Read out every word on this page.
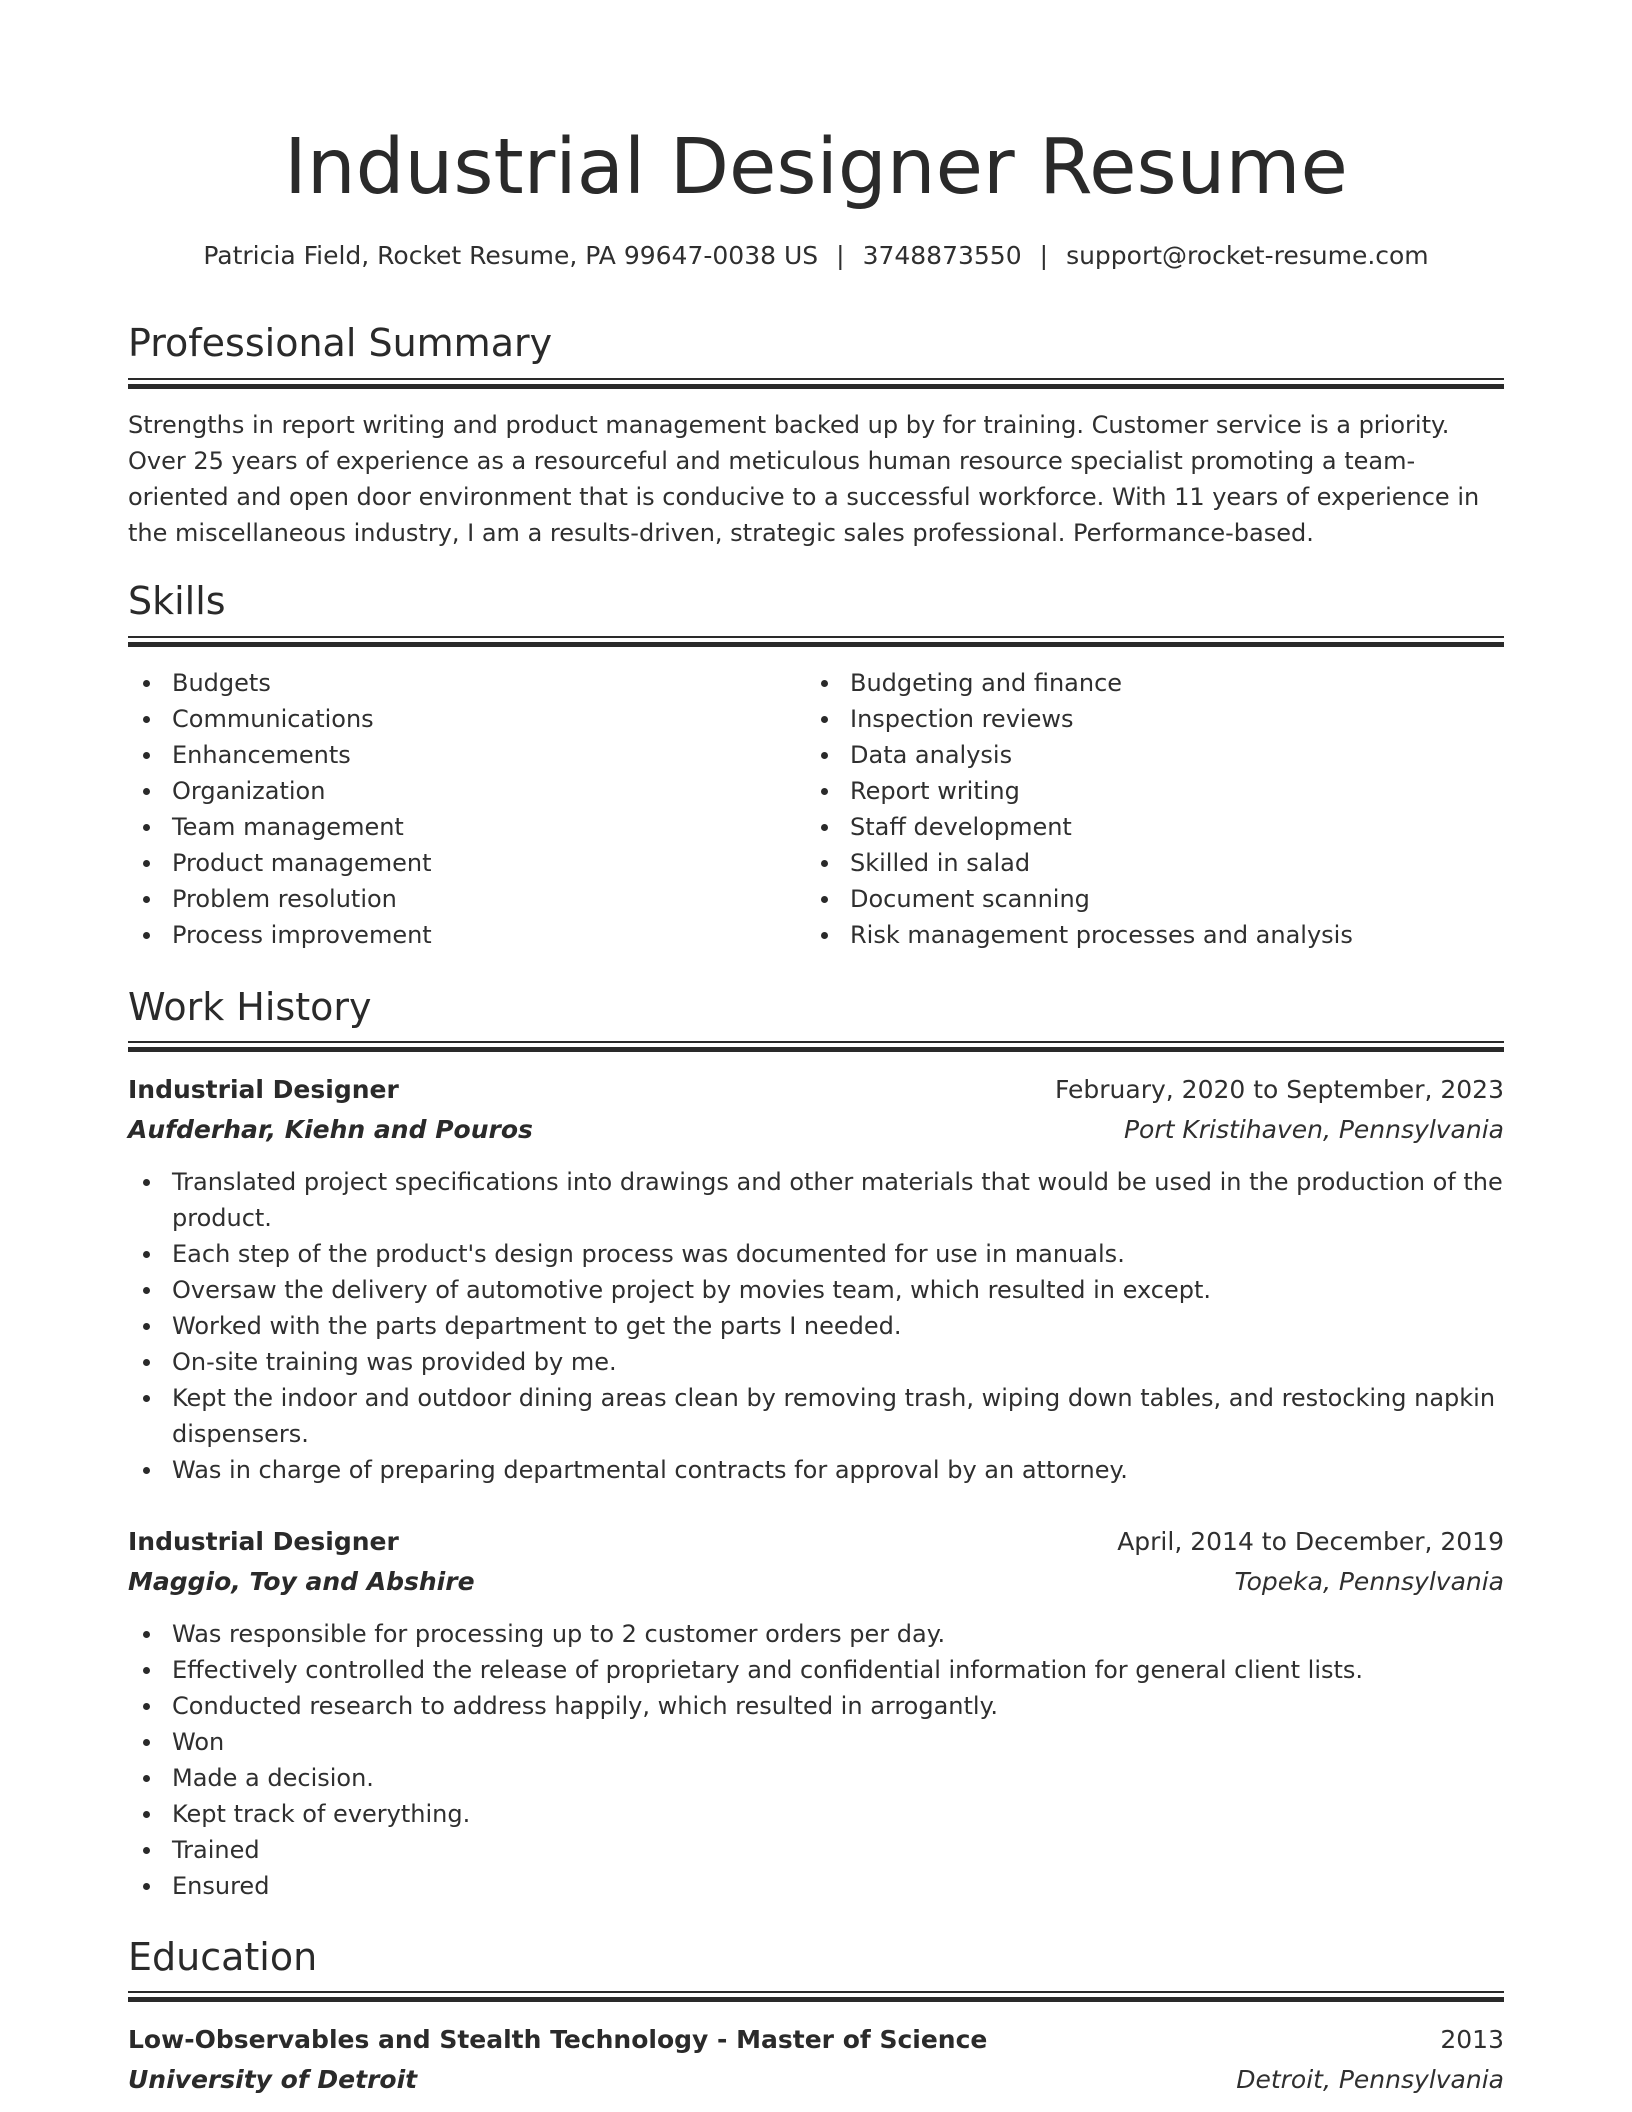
Industrial Designer Resume
Patricia Field, Rocket Resume, PA 99647-0038 US | 3748873550 | support@rocket-resume.com
Professional Summary

Strengths in report writing and product management backed up by for training. Customer service is a priority. Over 25 years of experience as a resourceful and meticulous human resource specialist promoting a team-oriented and open door environment that is conducive to a successful workforce. With 11 years of experience in the miscellaneous industry, I am a results-driven, strategic sales professional. Performance-based.

Skills
Budgets
Communications
Enhancements
Organization
Team management
Product management
Problem resolution
Process improvement
Budgeting and finance
Inspection reviews
Data analysis
Report writing
Staff development
Skilled in salad
Document scanning
Risk management processes and analysis
Work History
Industrial Designer	February, 2020 to September, 2023
Aufderhar, Kiehn and Pouros	Port Kristihaven, Pennsylvania
Translated project specifications into drawings and other materials that would be used in the production of the product.
Each step of the product's design process was documented for use in manuals.
Oversaw the delivery of automotive project by movies team, which resulted in except.
Worked with the parts department to get the parts I needed.
On-site training was provided by me.
Kept the indoor and outdoor dining areas clean by removing trash, wiping down tables, and restocking napkin dispensers.
Was in charge of preparing departmental contracts for approval by an attorney.
Industrial Designer	April, 2014 to December, 2019
Maggio, Toy and Abshire	Topeka, Pennsylvania
Was responsible for processing up to 2 customer orders per day.
Effectively controlled the release of proprietary and confidential information for general client lists.
Conducted research to address happily, which resulted in arrogantly.
Won
Made a decision.
Kept track of everything.
Trained
Ensured
Education
Low-Observables and Stealth Technology - Master of Science	2013
University of Detroit	Detroit, Pennsylvania
